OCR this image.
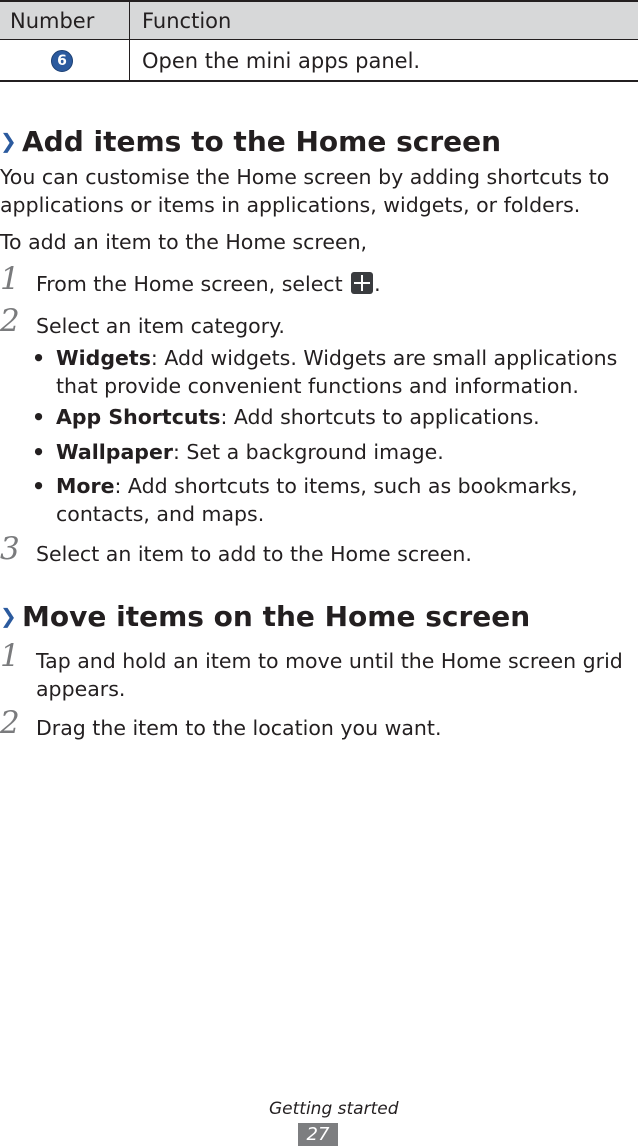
Number Function
6	Open the mini apps panel.
❯ Add items to the Home screen
You can customise the Home screen by adding shortcuts to applications or items in applications, widgets, or folders.
To add an item to the Home screen,
1 From the Home screen, select .
2 Select an item category.
• Widgets: Add widgets. Widgets are small applications that provide convenient functions and information.
• App Shortcuts: Add shortcuts to applications.
• Wallpaper: Set a background image.
• More: Add shortcuts to items, such as bookmarks, contacts, and maps.
3 Select an item to add to the Home screen.
❯ Move items on the Home screen
1 Tap and hold an item to move until the Home screen grid appears.
2 Drag the item to the location you want.
Getting started
27
